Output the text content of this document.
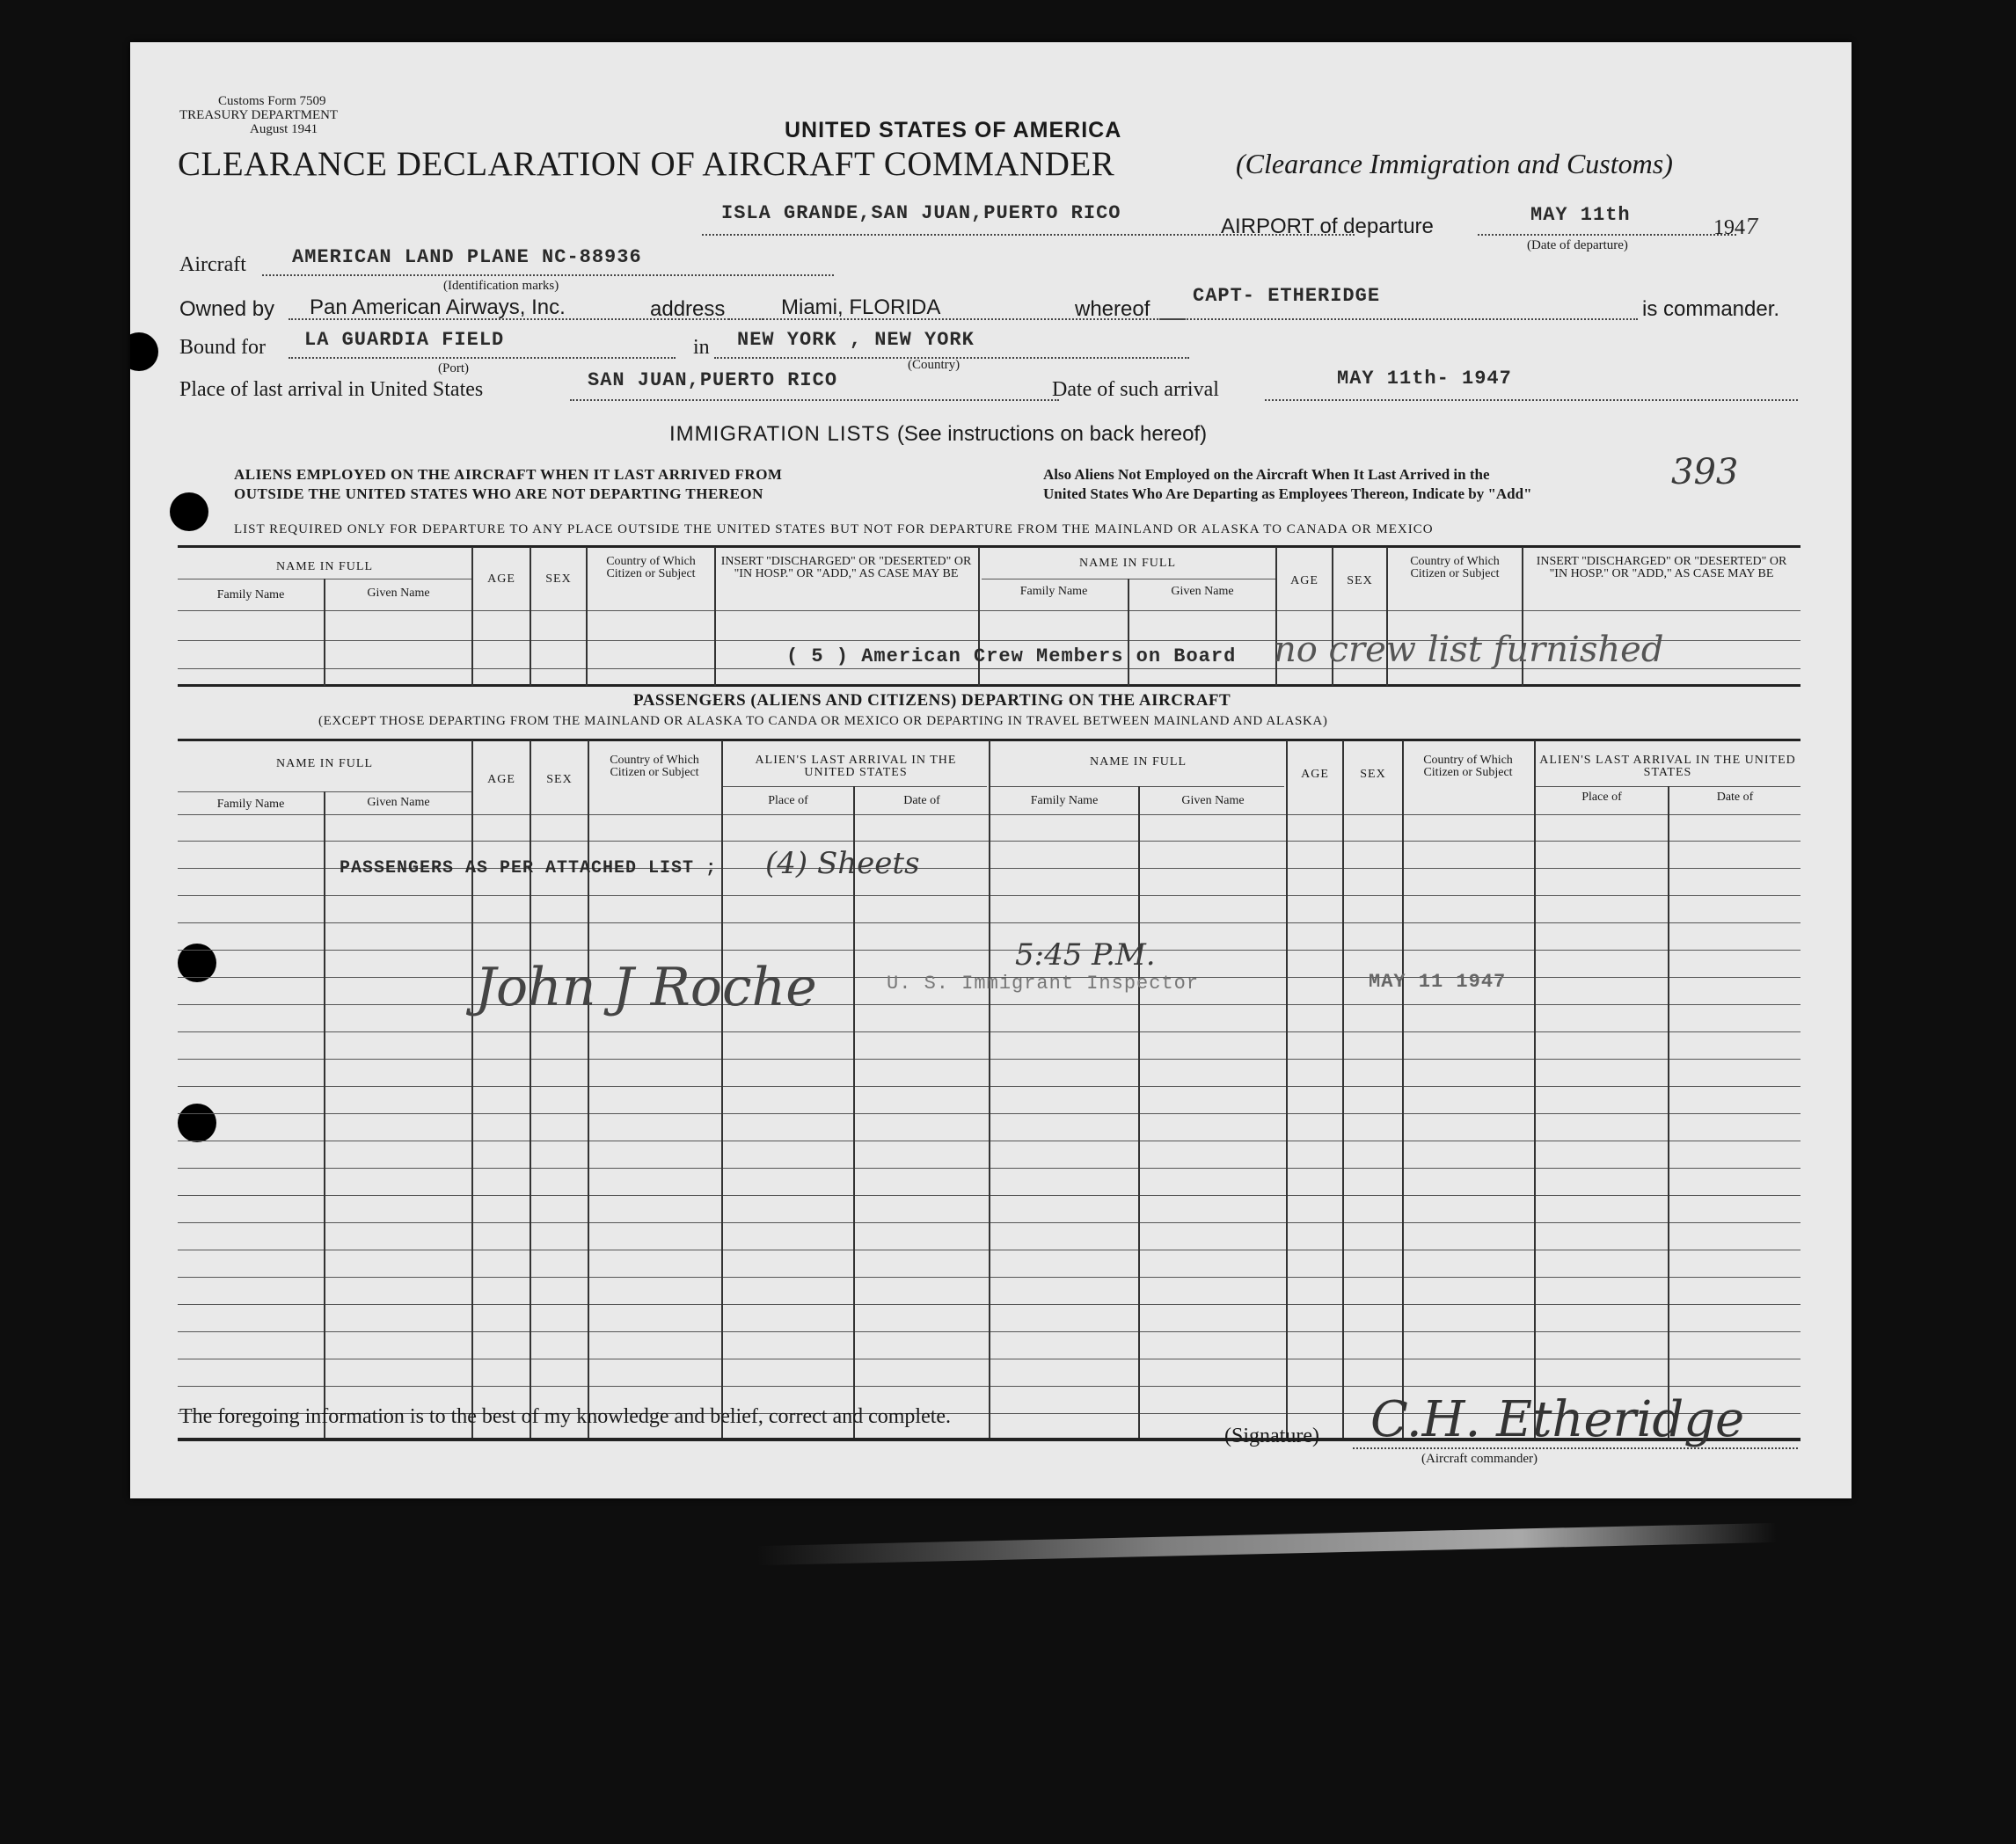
Customs Form 7509
TREASURY DEPARTMENT
August 1941	UNITED STATES OF AMERICA
CLEARANCE DECLARATION OF AIRCRAFT COMMANDER	(Clearance Immigration and Customs)
ISLA GRANDE,SAN JUAN,PUERTO RICO
AIRPORT of departure	MAY 11th
1947
(Date of departure)
Aircraft AMERICAN LAND PLANE NC-88936
(Identification marks)
Owned by Pan American Airways, Inc.	address	Miami, FLORIDA	whereof
CAPT- ETHERIDGE
is commander.
Bound for LA GUARDIA FIELD	in NEW YORK , NEW YORK
(Port)	(Country)
Place of last arrival in United States	SAN JUAN,PUERTO RICO	Date of such arrival	MAY 11th- 1947
IMMIGRATION LISTS (See instructions on back hereof)
ALIENS EMPLOYED ON THE AIRCRAFT WHEN IT LAST ARRIVED FROM
OUTSIDE THE UNITED STATES WHO ARE NOT DEPARTING THEREON
Also Aliens Not Employed on the Aircraft When It Last Arrived in the
United States Who Are Departing as Employees Thereon, Indicate by "Add"
393
LIST REQUIRED ONLY FOR DEPARTURE TO ANY PLACE OUTSIDE THE UNITED STATES BUT NOT FOR DEPARTURE FROM THE MAINLAND OR ALASKA TO CANADA OR MEXICO
NAME IN FULL
Family Name	Given Name
AGE	SEX
Country of Which Citizen or Subject
INSERT "DISCHARGED" OR "DESERTED" OR "IN HOSP." OR "ADD," AS CASE MAY BE
NAME IN FULL
Family Name	Given Name
AGE	SEX
Country of Which Citizen or Subject
INSERT "DISCHARGED" OR "DESERTED" OR "IN HOSP." OR "ADD," AS CASE MAY BE
( 5 ) American Crew Members on Board no crew list furnished
PASSENGERS (ALIENS AND CITIZENS) DEPARTING ON THE AIRCRAFT
(EXCEPT THOSE DEPARTING FROM THE MAINLAND OR ALASKA TO CANDA OR MEXICO OR DEPARTING IN TRAVEL BETWEEN MAINLAND AND ALASKA)
NAME IN FULL
Family Name	Given Name
AGE	SEX
Country of Which Citizen or Subject
ALIEN'S LAST ARRIVAL IN THE UNITED STATES
Place of	Date of
NAME IN FULL
Family Name	Given Name
AGE	SEX
Country of Which Citizen or Subject
ALIEN'S LAST ARRIVAL IN THE UNITED STATES
Place of	Date of
PASSENGERS AS PER ATTACHED LIST ; (4) Sheets
John J Roche
5:45 P.M.
U. S. Immigrant Inspector	MAY 11 1947
The foregoing information is to the best of my knowledge and belief, correct and complete.
(Signature) C.H. Etheridge
(Aircraft commander)
